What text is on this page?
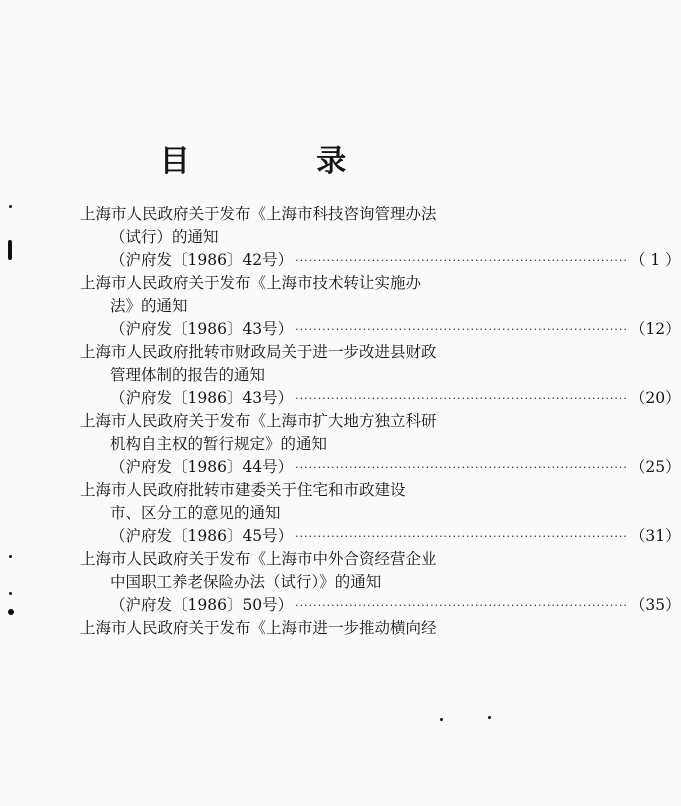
目 录
上海市人民政府关于发布《上海市科技咨询管理办法
（试行）的通知
（沪府发〔1986〕42号） ·········································································· （ 1 ）
上海市人民政府关于发布《上海市技术转让实施办
法》的通知
（沪府发〔1986〕43号） ·········································································· （12）
上海市人民政府批转市财政局关于进一步改进县财政
管理体制的报告的通知
（沪府发〔1986〕43号） ·········································································· （20）
上海市人民政府关于发布《上海市扩大地方独立科研
机构自主权的暂行规定》的通知
（沪府发〔1986〕44号） ·········································································· （25）
上海市人民政府批转市建委关于住宅和市政建设
市、区分工的意见的通知
（沪府发〔1986〕45号） ·········································································· （31）
上海市人民政府关于发布《上海市中外合资经营企业
中国职工养老保险办法（试行）》的通知
（沪府发〔1986〕50号） ·········································································· （35）
上海市人民政府关于发布《上海市进一步推动横向经
